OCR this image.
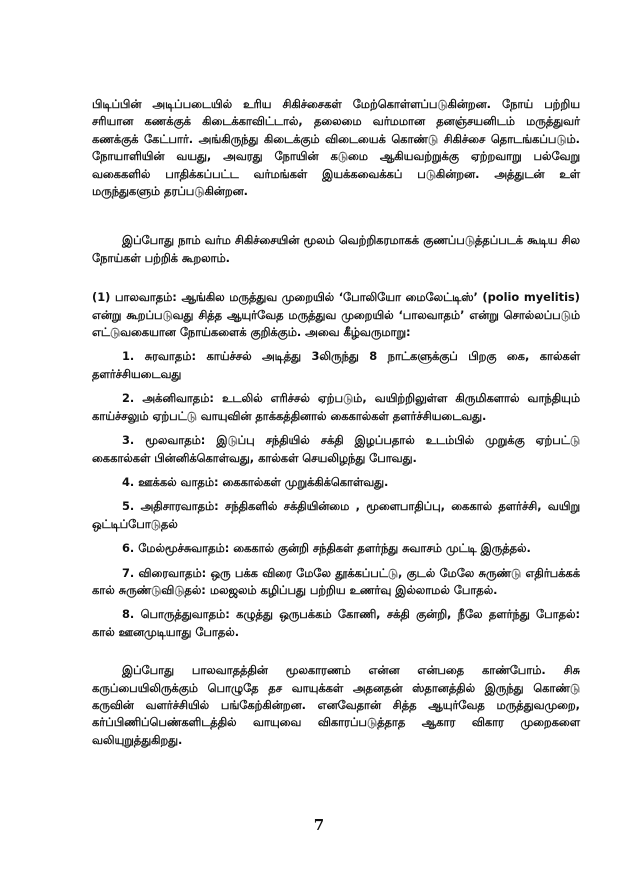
பிடிப்பின் அடிப்படையில் உரிய சிகிச்சைகள் மேற்கொள்ளப்படுகின்றன. நோய் பற்றிய சரியான கணக்குக் கிடைக்காவிட்டால், தலைமை வர்மமான தனஞ்சயனிடம் மருத்துவர் கணக்குக் கேட்பார். அங்கிருந்து கிடைக்கும் விடையைக் கொண்டு சிகிச்சை தொடங்கப்படும். நோயாளியின் வயது, அவரது நோயின் கடுமை ஆகியவற்றுக்கு ஏற்றவாறு பல்வேறு வகைகளில் பாதிக்கப்பட்ட வர்மங்கள் இயக்கவைக்கப் படுகின்றன. அத்துடன் உள் மருந்துகளும் தரப்படுகின்றன.

இப்போது நாம் வர்ம சிகிச்சையின் மூலம் வெற்றிகரமாகக் குணப்படுத்தப்படக் கூடிய சில நோய்கள் பற்றிக் கூறலாம்.

(1) பாலவாதம்: ஆங்கில மருத்துவ முறையில் ‘போலியோ மைலேட்டிஸ்’ (polio myelitis) என்று கூறப்படுவது சித்த ஆயுர்வேத மருத்துவ முறையில் ‘பாலவாதம்’ என்று சொல்லப்படும் எட்டுவகையான நோய்களைக் குறிக்கும். அவை கீழ்வருமாறு:

1. சுரவாதம்: காய்ச்சல் அடித்து 3லிருந்து 8 நாட்களுக்குப் பிறகு கை, கால்கள் தளர்ச்சியடைவது

2. அக்னிவாதம்: உடலில் எரிச்சல் ஏற்படும், வயிற்றிலுள்ள கிருமிகளால் வாந்தியும் காய்ச்சலும் ஏற்பட்டு வாயுவின் தாக்கத்தினால் கைகால்கள் தளர்ச்சியடைவது.

3. மூலவாதம்: இடுப்பு சந்தியில் சக்தி இழப்பதால் உடம்பில் முறுக்கு ஏற்பட்டு கைகால்கள் பின்னிக்கொள்வது, கால்கள் செயலிழந்து போவது.

4. ஊக்கல் வாதம்: கைகால்கள் முறுக்கிக்கொள்வது.

5. அதிசாரவாதம்: சந்திகளில் சக்தியின்மை , மூளைபாதிப்பு, கைகால் தளர்ச்சி, வயிறு ஒட்டிப்போடுதல்

6. மேல்மூச்சுவாதம்: கைகால் குன்றி சந்திகள் தளர்ந்து சுவாசம் முட்டி இருத்தல்.

7. விரைவாதம்: ஒரு பக்க விரை மேலே தூக்கப்பட்டு, குடல் மேலே சுருண்டு எதிர்பக்கக் கால் சுருண்டுவிடுதல்: மலஜலம் கழிப்பது பற்றிய உணர்வு இல்லாமல் போதல்.

8. பொருத்துவாதம்: கழுத்து ஒருபக்கம் கோணி, சக்தி குன்றி, நீலே தளர்ந்து போதல்: கால் ஊனமுடியாது போதல்.

இப்போது பாலவாதத்தின் மூலகாரணம் என்ன என்பதை காண்போம். சிசு கருப்பையிலிருக்கும் பொழுதே தச வாயுக்கள் அதனதன் ஸ்தானத்தில் இருந்து கொண்டு கருவின் வளர்ச்சியில் பங்கேற்கின்றன. எனவேதான் சித்த ஆயுர்வேத மருத்துவமுறை, கர்ப்பிணிப்பெண்களிடத்தில் வாயுவை விகாரப்படுத்தாத ஆகார விகார முறைகளை வலியுறுத்துகிறது.

7
